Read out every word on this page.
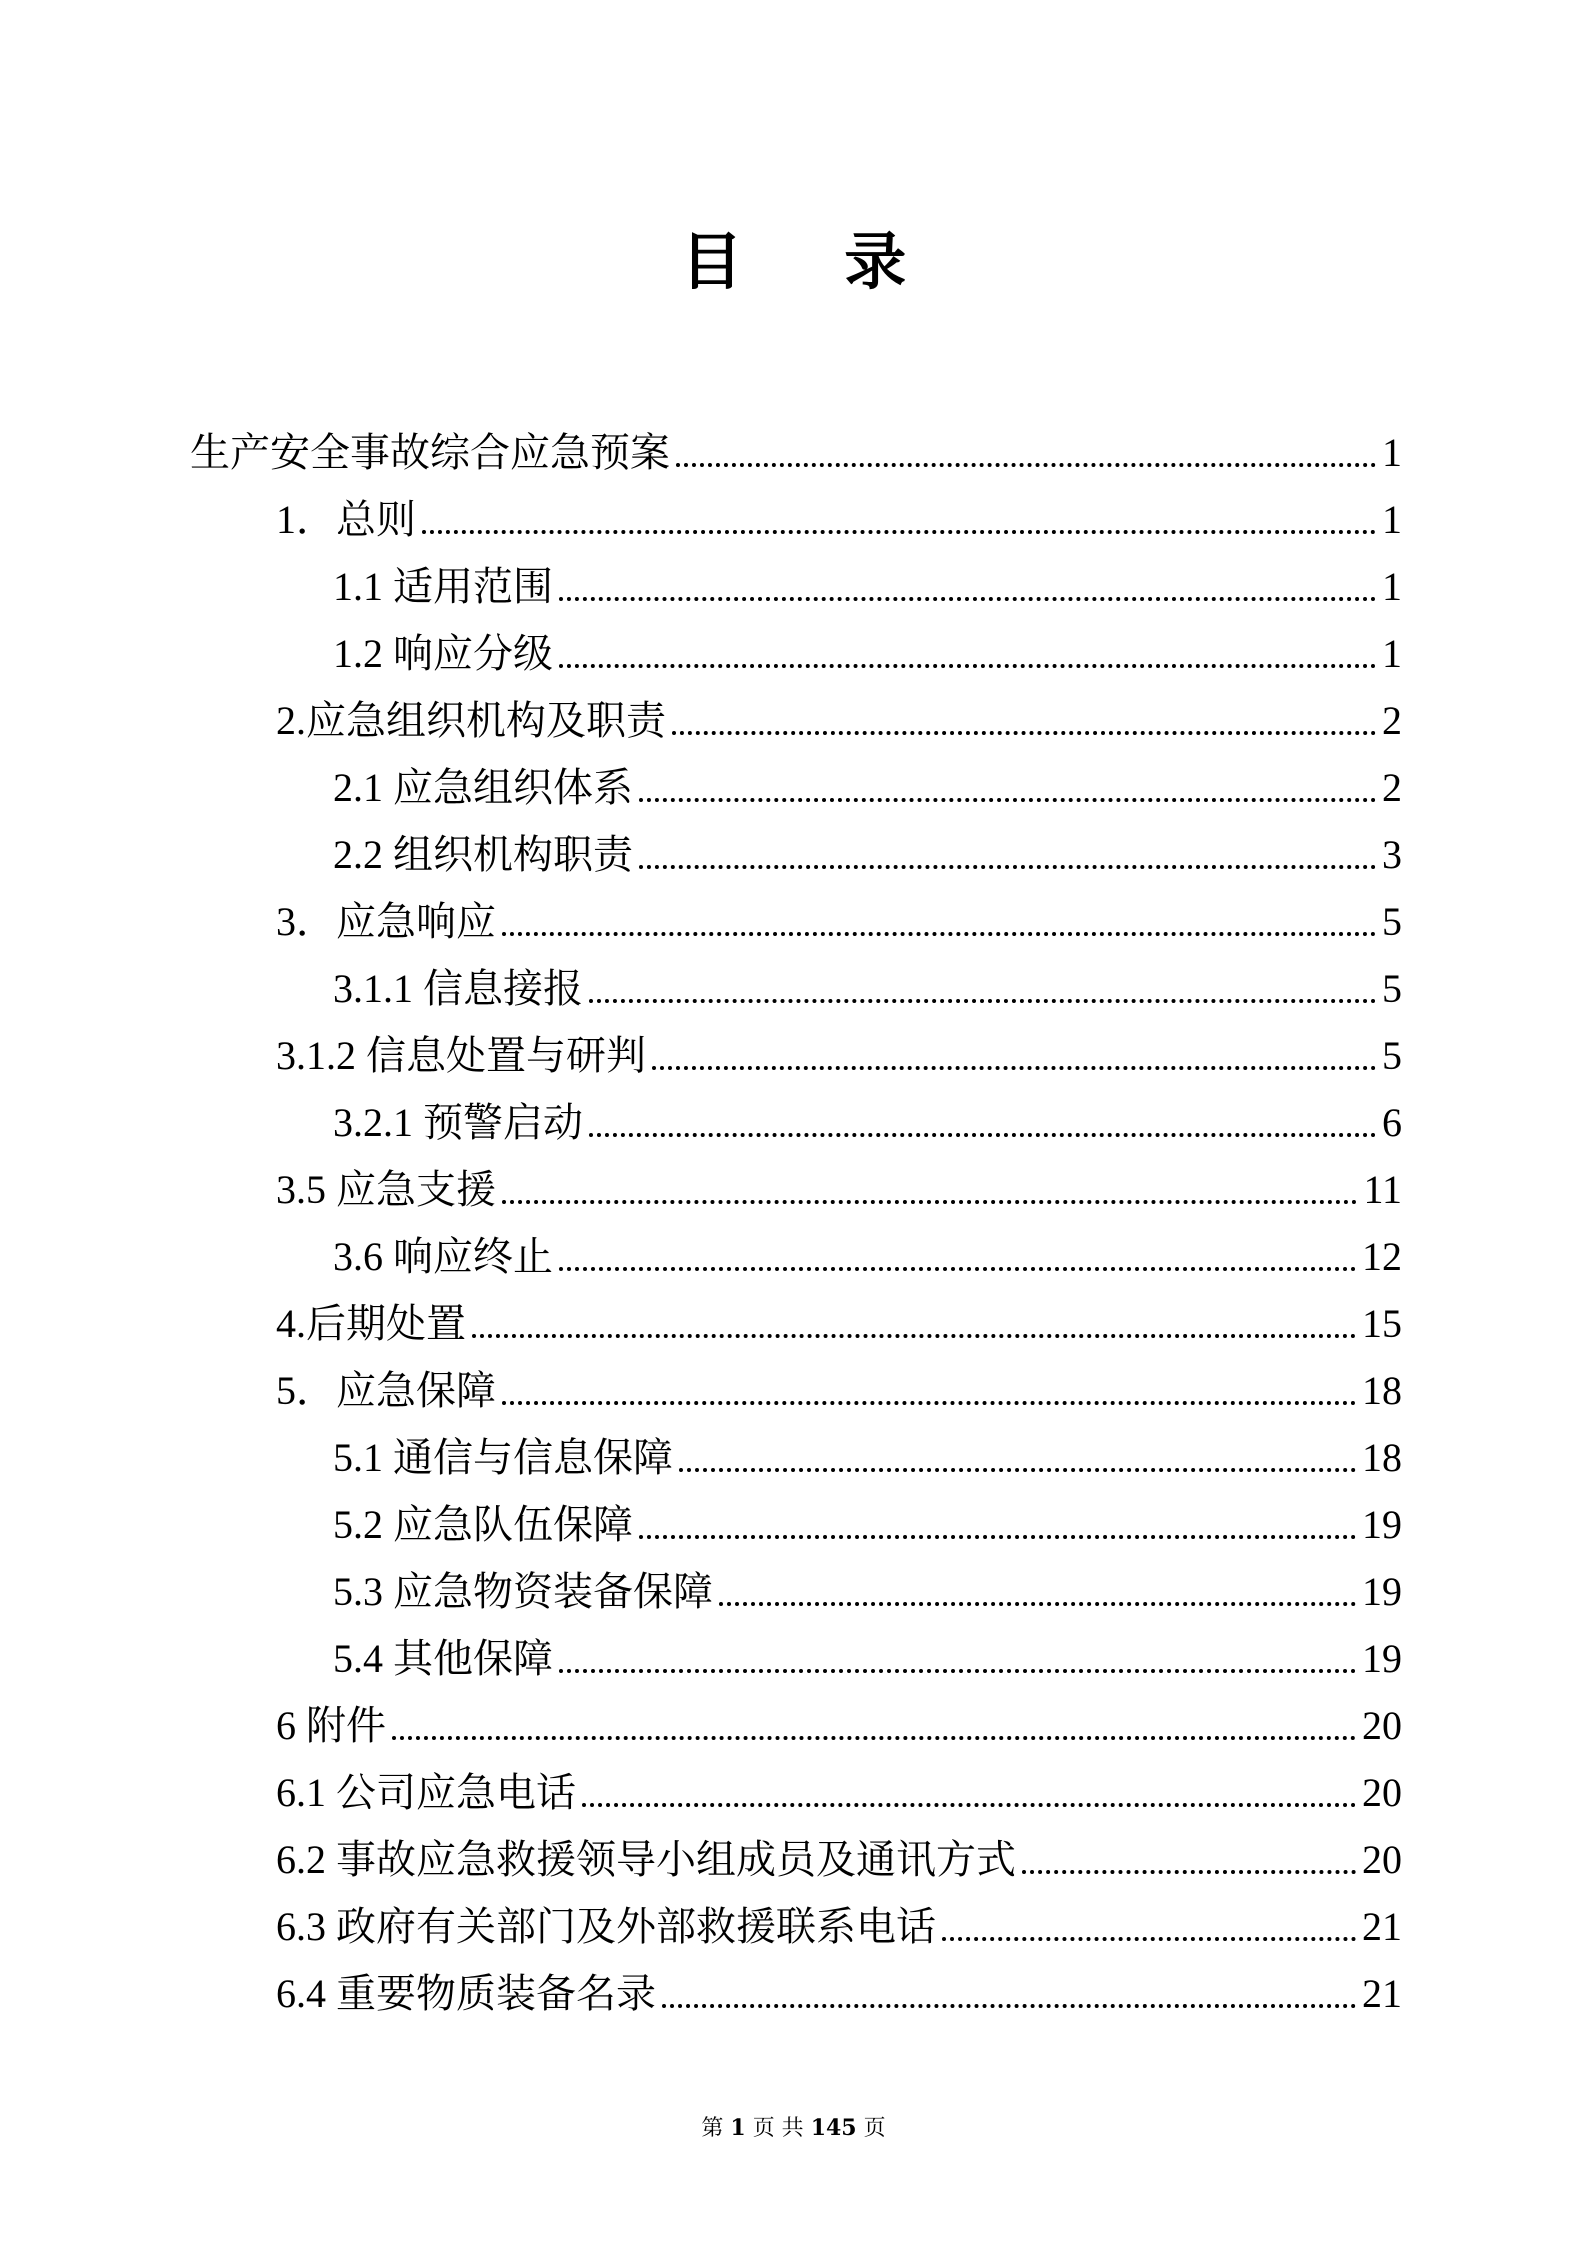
目 录
生产安全事故综合应急预案	1
1．总则	1
1.1 适用范围	1
1.2 响应分级	1
2.应急组织机构及职责	2
2.1 应急组织体系	2
2.2 组织机构职责	3
3．应急响应	5
3.1.1 信息接报	5
3.1.2 信息处置与研判	5
3.2.1 预警启动	6
3.5 应急支援	11
3.6 响应终止	12
4.后期处置	15
5．应急保障	18
5.1 通信与信息保障	18
5.2 应急队伍保障	19
5.3 应急物资装备保障	19
5.4 其他保障	19
6 附件	20
6.1 公司应急电话	20
6.2 事故应急救援领导小组成员及通讯方式	20
6.3 政府有关部门及外部救援联系电话	21
6.4 重要物质装备名录	21
第 1 页 共 145 页
